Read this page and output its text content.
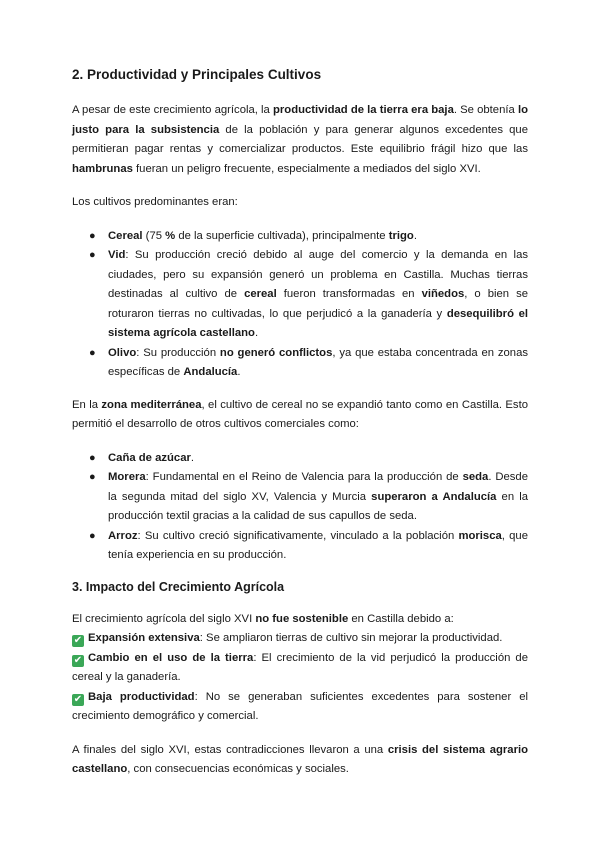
2. Productividad y Principales Cultivos

A pesar de este crecimiento agrícola, la productividad de la tierra era baja. Se obtenía lo justo para la subsistencia de la población y para generar algunos excedentes que permitieran pagar rentas y comercializar productos. Este equilibrio frágil hizo que las hambrunas fueran un peligro frecuente, especialmente a mediados del siglo XVI.

Los cultivos predominantes eran:

● Cereal (75 % de la superficie cultivada), principalmente trigo.
● Vid: Su producción creció debido al auge del comercio y la demanda en las ciudades, pero su expansión generó un problema en Castilla. Muchas tierras destinadas al cultivo de cereal fueron transformadas en viñedos, o bien se roturaron tierras no cultivadas, lo que perjudicó a la ganadería y desequilibró el sistema agrícola castellano.
● Olivo: Su producción no generó conflictos, ya que estaba concentrada en zonas específicas de Andalucía.

En la zona mediterránea, el cultivo de cereal no se expandió tanto como en Castilla. Esto permitió el desarrollo de otros cultivos comerciales como:

● Caña de azúcar.
● Morera: Fundamental en el Reino de Valencia para la producción de seda. Desde la segunda mitad del siglo XV, Valencia y Murcia superaron a Andalucía en la producción textil gracias a la calidad de sus capullos de seda.
● Arroz: Su cultivo creció significativamente, vinculado a la población morisca, que tenía experiencia en su producción.
3. Impacto del Crecimiento Agrícola
El crecimiento agrícola del siglo XVI no fue sostenible en Castilla debido a:
✔ Expansión extensiva: Se ampliaron tierras de cultivo sin mejorar la productividad.
✔ Cambio en el uso de la tierra: El crecimiento de la vid perjudicó la producción de cereal y la ganadería.
✔ Baja productividad: No se generaban suficientes excedentes para sostener el crecimiento demográfico y comercial.

A finales del siglo XVI, estas contradicciones llevaron a una crisis del sistema agrario castellano, con consecuencias económicas y sociales.
